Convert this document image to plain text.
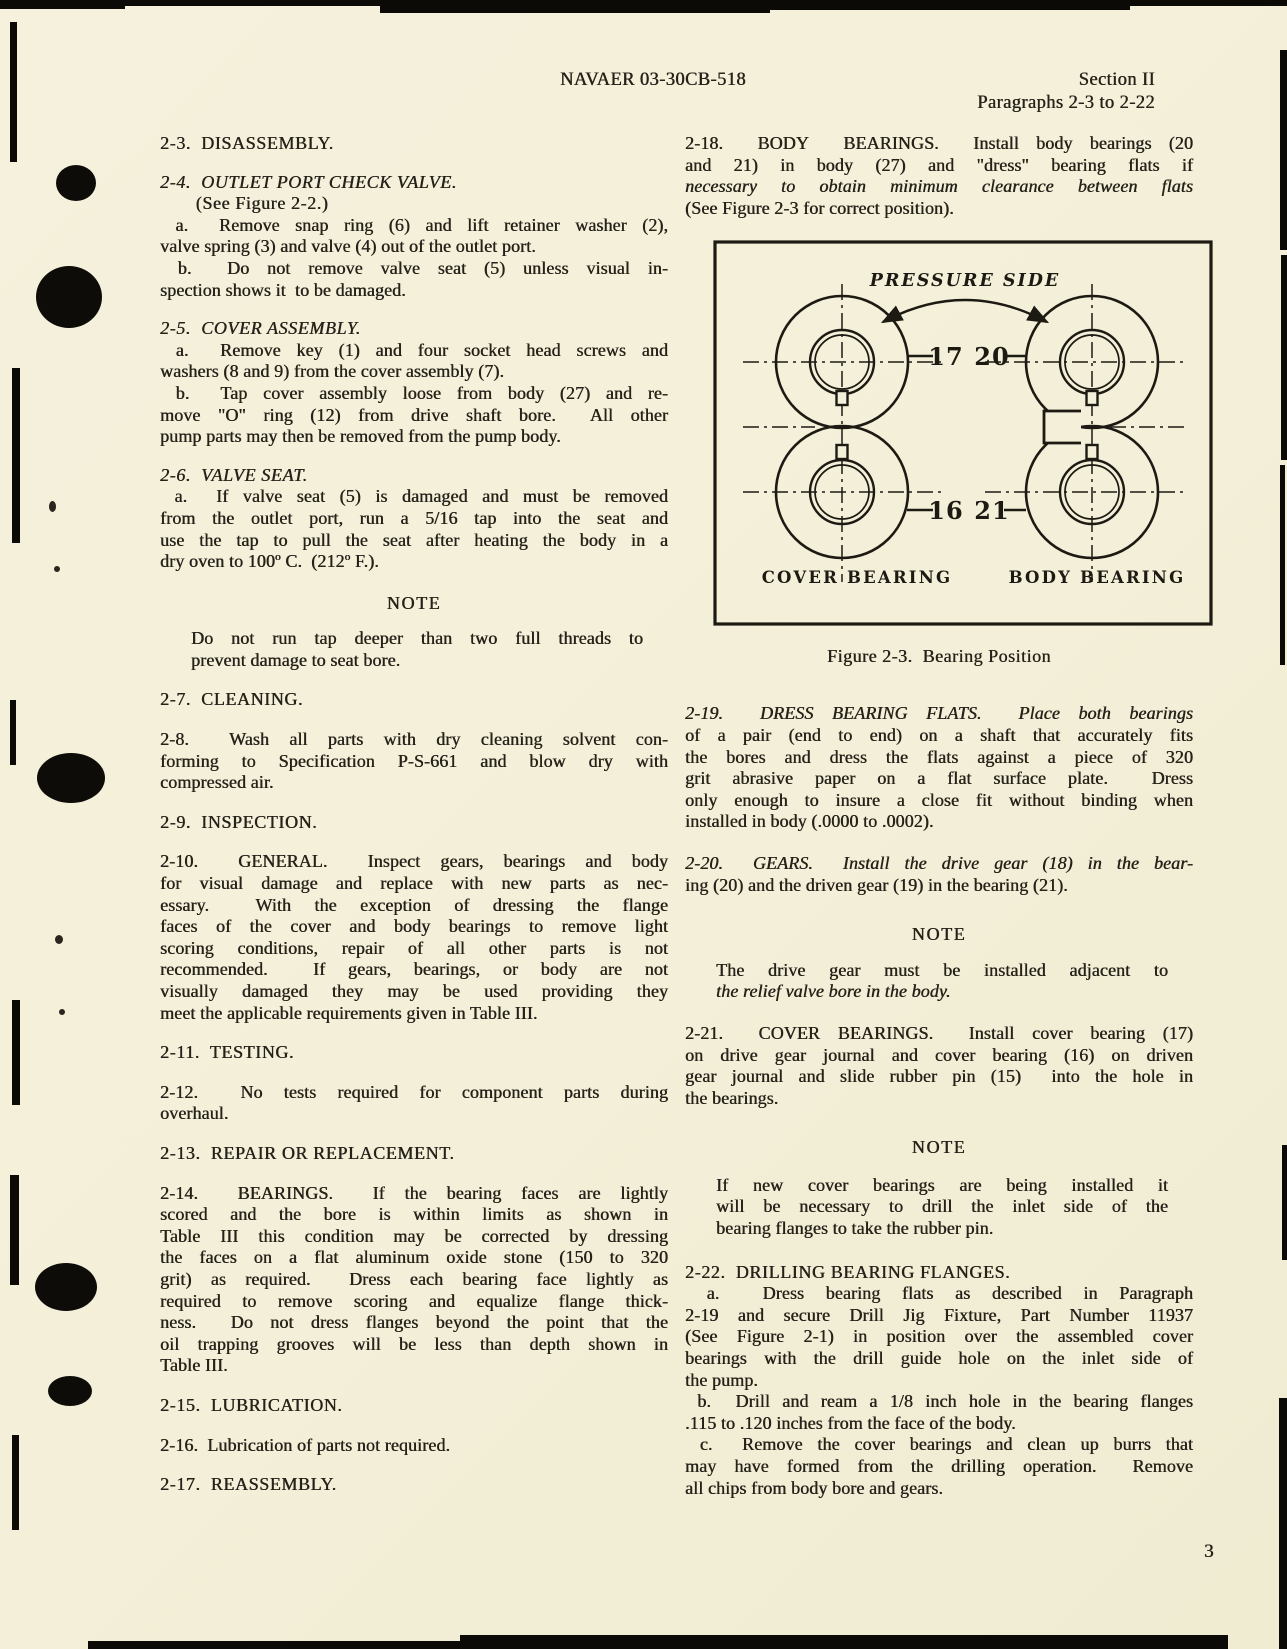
NAVAER 03-30CB-518	Section II
Paragraphs 2-3 to 2-22
2-3.  DISASSEMBLY.
2-4.  OUTLET PORT CHECK VALVE.
(See Figure 2-2.)
a.  Remove snap ring (6) and lift retainer washer (2),
valve spring (3) and valve (4) out of the outlet port.
b.  Do not remove valve seat (5) unless visual in-
spection shows it  to be damaged.
2-5.  COVER ASSEMBLY.
a.  Remove key (1) and four socket head screws and
washers (8 and 9) from the cover assembly (7).
b.  Tap cover assembly loose from body (27) and re-
move "O" ring (12) from drive shaft bore.  All other
pump parts may then be removed from the pump body.
2-6.  VALVE SEAT.
a.  If valve seat (5) is damaged and must be removed
from the outlet port, run a 5/16 tap into the seat and
use the tap to pull the seat after heating the body in a
dry oven to 100º C.  (212º F.).
NOTE
Do not run tap deeper than two full threads to
prevent damage to seat bore.
2-7.  CLEANING.
2-8.  Wash all parts with dry cleaning solvent con-
forming to Specification P-S-661 and blow dry with
compressed air.
2-9.  INSPECTION.
2-10.  GENERAL.  Inspect gears, bearings and body
for visual damage and replace with new parts as nec-
essary.  With the exception of dressing the flange
faces of the cover and body bearings to remove light
scoring conditions, repair of all other parts is not
recommended.  If gears, bearings, or body are not
visually damaged they may be used providing they
meet the applicable requirements given in Table III.
2-11.  TESTING.
2-12.  No tests required for component parts during
overhaul.
2-13.  REPAIR OR REPLACEMENT.
2-14.  BEARINGS.  If the bearing faces are lightly
scored and the bore is within limits as shown in
Table III this condition may be corrected by dressing
the faces on a flat aluminum oxide stone (150 to 320
grit) as required.  Dress each bearing face lightly as
required to remove scoring and equalize flange thick-
ness.  Do not dress flanges beyond the point that the
oil trapping grooves will be less than depth shown in
Table III.
2-15.  LUBRICATION.
2-16.  Lubrication of parts not required.
2-17.  REASSEMBLY.
2-18.  BODY  BEARINGS.  Install body bearings (20
and 21) in body (27) and "dress" bearing flats if
necessary to obtain minimum clearance between flats
(See Figure 2-3 for correct position).
2-19.  DRESS BEARING FLATS.  Place both bearings
of a pair (end to end) on a shaft that accurately fits
the bores and dress the flats against a piece of 320
grit abrasive paper on a flat surface plate.  Dress
only enough to insure a close fit without binding when
installed in body (.0000 to .0002).
2-20.  GEARS.  Install the drive gear (18) in the bear-
ing (20) and the driven gear (19) in the bearing (21).
NOTE
The drive gear must be installed adjacent to
the relief valve bore in the body.
2-21.  COVER BEARINGS.  Install cover bearing (17)
on drive gear journal and cover bearing (16) on driven
gear journal and slide rubber pin (15)  into the hole in
the bearings.
NOTE
If new cover bearings are being installed it
will be necessary to drill the inlet side of the
bearing flanges to take the rubber pin.
2-22.  DRILLING BEARING FLANGES.
a.  Dress bearing flats as described in Paragraph
2-19 and secure Drill Jig Fixture, Part Number 11937
(See Figure 2-1) in position over the assembled cover
bearings with the drill guide hole on the inlet side of
the pump.
b.  Drill and ream a 1/8 inch hole in the bearing flanges
.115 to .120 inches from the face of the body.
c.  Remove the cover bearings and clean up burrs that
may have formed from the drilling operation.  Remove
all chips from body bore and gears.
PRESSURE SIDE
17 20
16 21
COVER BEARING	BODY BEARING
Figure 2-3.  Bearing Position
3
